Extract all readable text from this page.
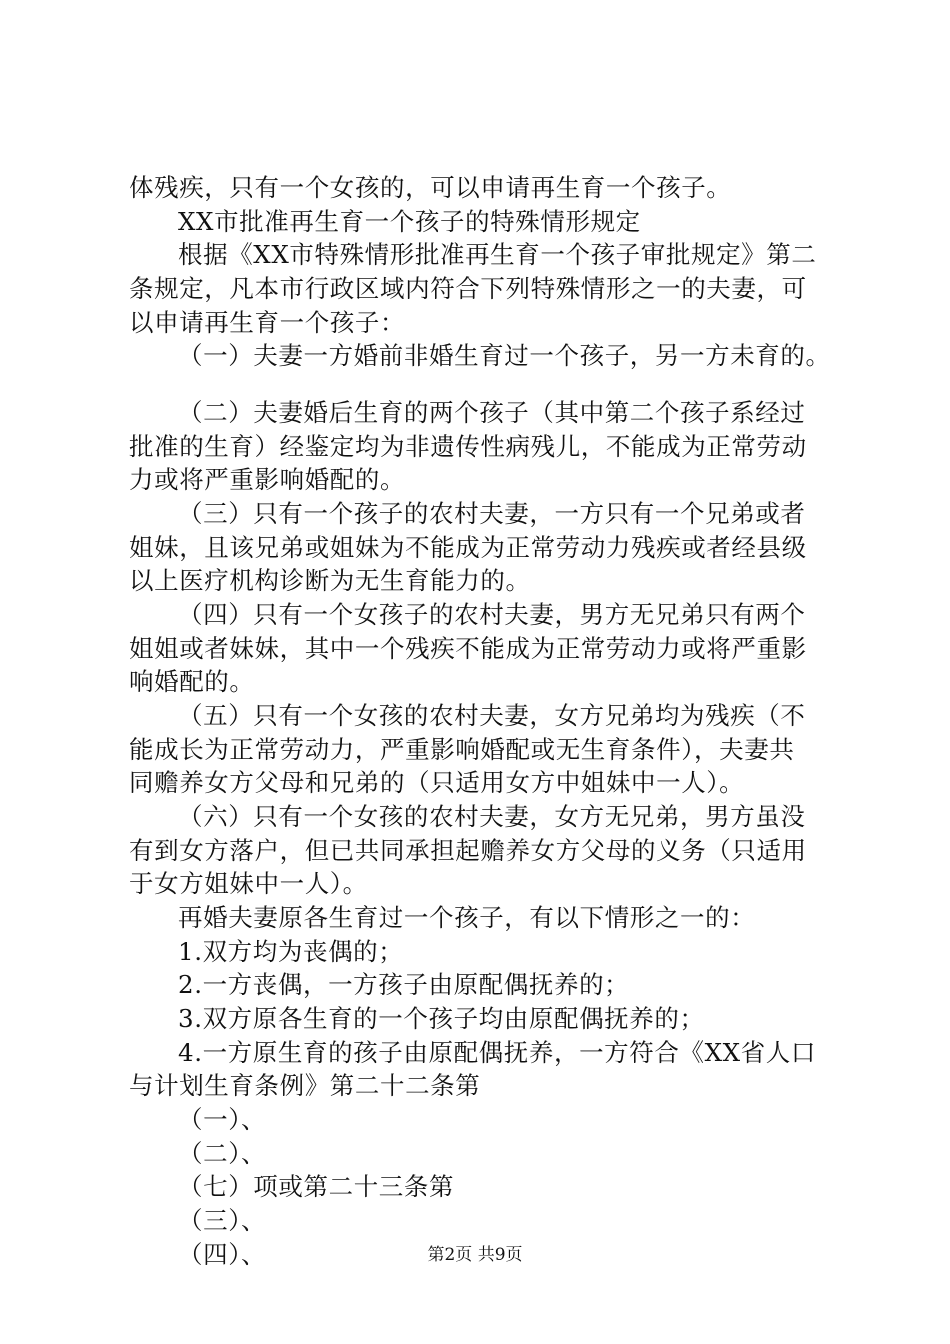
体残疾，只有一个女孩的，可以申请再生育一个孩子。
XX市批准再生育一个孩子的特殊情形规定
根据《XX市特殊情形批准再生育一个孩子审批规定》第二
条规定，凡本市行政区域内符合下列特殊情形之一的夫妻，可
以申请再生育一个孩子：
（一）夫妻一方婚前非婚生育过一个孩子，另一方未育的。
（二）夫妻婚后生育的两个孩子（其中第二个孩子系经过
批准的生育）经鉴定均为非遗传性病残儿，不能成为正常劳动
力或将严重影响婚配的。
（三）只有一个孩子的农村夫妻，一方只有一个兄弟或者
姐妹，且该兄弟或姐妹为不能成为正常劳动力残疾或者经县级
以上医疗机构诊断为无生育能力的。
（四）只有一个女孩子的农村夫妻，男方无兄弟只有两个
姐姐或者妹妹，其中一个残疾不能成为正常劳动力或将严重影
响婚配的。
（五）只有一个女孩的农村夫妻，女方兄弟均为残疾（不
能成长为正常劳动力，严重影响婚配或无生育条件），夫妻共
同赡养女方父母和兄弟的（只适用女方中姐妹中一人）。
（六）只有一个女孩的农村夫妻，女方无兄弟，男方虽没
有到女方落户，但已共同承担起赡养女方父母的义务（只适用
于女方姐妹中一人）。
再婚夫妻原各生育过一个孩子，有以下情形之一的：
1.双方均为丧偶的；
2.一方丧偶，一方孩子由原配偶抚养的；
3.双方原各生育的一个孩子均由原配偶抚养的；
4.一方原生育的孩子由原配偶抚养，一方符合《XX省人口
与计划生育条例》第二十二条第
（一）、
（二）、
（七）项或第二十三条第
（三）、
（四）、	第2页 共9页
